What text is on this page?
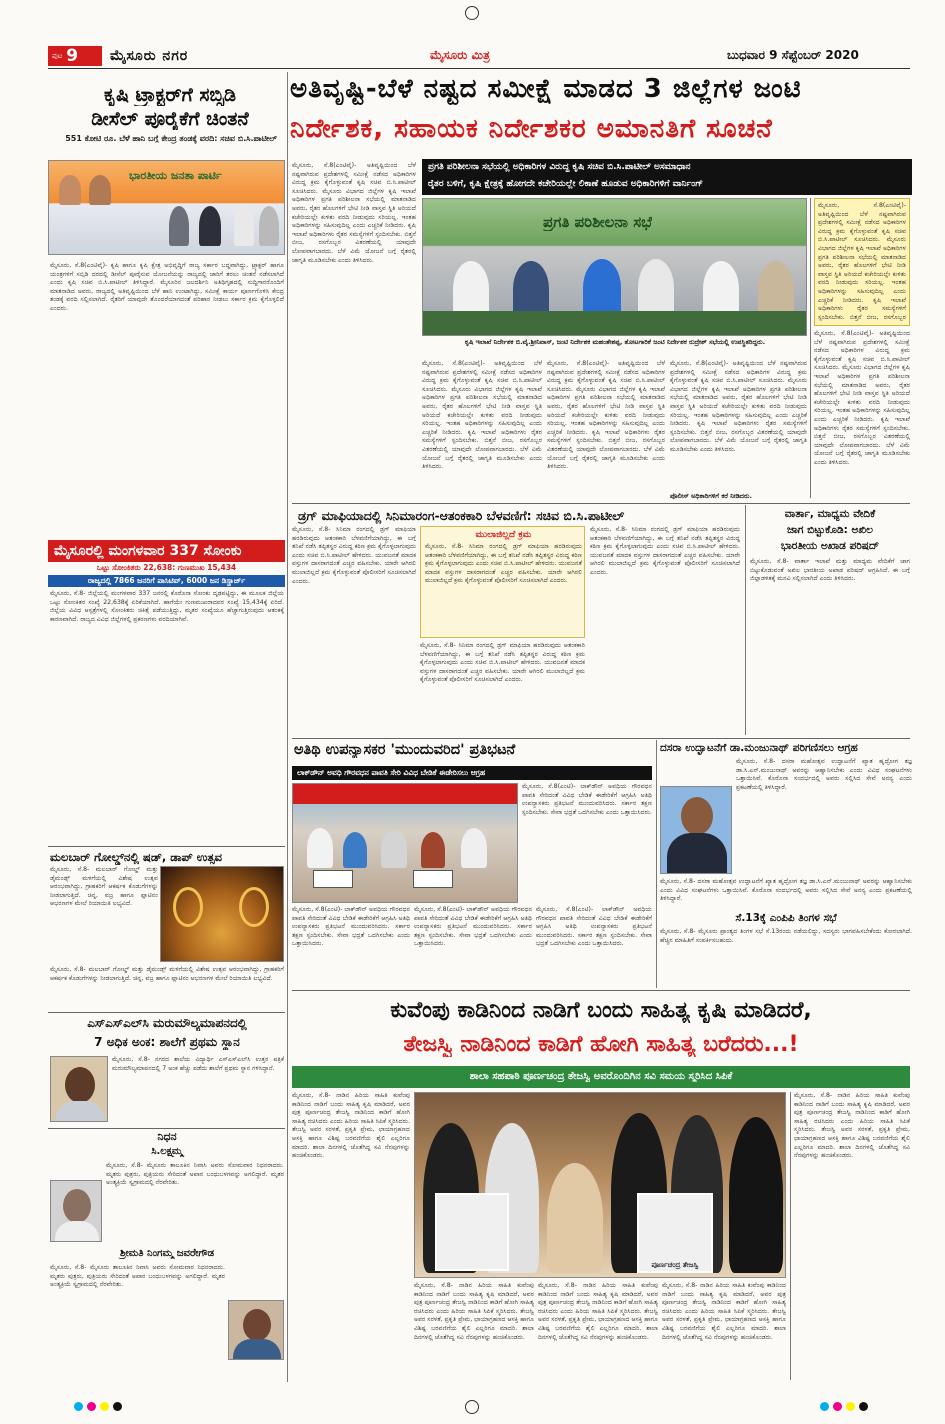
ಪುಟ 9 ಮೈಸೂರು ನಗರ	ಮೈಸೂರು ಮಿತ್ರ	ಬುಧವಾರ 9 ಸೆಪ್ಟೆಂಬರ್ 2020
ಅತಿವೃಷ್ಟಿ-ಬೆಳೆ ನಷ್ಟದ ಸಮೀಕ್ಷೆ ಮಾಡದ 3 ಜಿಲ್ಲೆಗಳ ಜಂಟಿ
ನಿರ್ದೇಶಕ, ಸಹಾಯಕ ನಿರ್ದೇಶಕರ ಅಮಾನತಿಗೆ ಸೂಚನೆ
ಪ್ರಗತಿ ಪರಿಶೀಲನಾ ಸಭೆಯಲ್ಲಿ ಅಧಿಕಾರಿಗಳ ವಿರುದ್ಧ ಕೃಷಿ ಸಚಿವ ಬಿ.ಸಿ.ಪಾಟೀಲ್ ಅಸಮಾಧಾನ
ರೈತರ ಬಳಿಗೆ, ಕೃಷಿ ಕ್ಷೇತ್ರಕ್ಕೆ ಹೋಗದೇ ಕಚೇರಿಯಲ್ಲೇ ಲಿಕಾಣೆ ಹೂಡುವ ಅಧಿಕಾರಿಗಳಿಗೆ ವಾರ್ನಿಂಗ್
ಕೃಷಿ ಟ್ರ್ಯಾಕ್ಟರ್‌ಗೆ ಸಬ್ಸಿಡಿ
ಡೀಸೆಲ್ ಪೂರೈಕೆಗೆ ಚಿಂತನೆ
551 ಕೋಟಿ ರೂ. ಬೆಳೆ ಹಾನಿ ಬಗ್ಗೆ ಕೇಂದ್ರ ತಂಡಕ್ಕೆ ವರದಿ: ಸಚಿವ ಬಿ.ಸಿ.ಪಾಟೀಲ್
ಭಾರತೀಯ ಜನತಾ ಪಾರ್ಟಿ
ಮೈಸೂರು, ಸೆ.8(ಎಂಟಿವೈ)- ಕೃಷಿ ಹಾಗೂ ಕೃಷಿ ಕ್ಷೇತ್ರ ಅಭಿವೃದ್ಧಿಗೆ ರಾಜ್ಯ ಸರ್ಕಾರ ಬದ್ಧವಾಗಿದ್ದು, ಟ್ರ್ಯಾಕ್ಟರ್ ಹಾಗೂ ಯಂತ್ರಗಳಿಗೆ ಸಬ್ಸಿಡಿ ದರದಲ್ಲಿ ಡೀಸೆಲ್ ಪೂರೈಸುವ ಯೋಜನೆಯನ್ನು ರಾಜ್ಯದಲ್ಲಿ ಜಾರಿಗೆ ತರಲು ಚಿಂತನೆ ನಡೆಸಲಾಗಿದೆ ಎಂದು ಕೃಷಿ ಸಚಿವ ಬಿ.ಸಿ.ಪಾಟೀಲ್ ತಿಳಿಸಿದ್ದಾರೆ. ಮೈಸೂರಿನ ಜಲದರ್ಶಿನಿ ಅತಿಥಿಗೃಹದಲ್ಲಿ ಸುದ್ದಿಗಾರರೊಂದಿಗೆ ಮಾತನಾಡಿದ ಅವರು, ರಾಜ್ಯದಲ್ಲಿ ಅತಿವೃಷ್ಟಿಯಿಂದ ಬೆಳೆ ಹಾನಿ ಉಂಟಾಗಿದ್ದು, ಸಮೀಕ್ಷೆ ಕಾರ್ಯ ಪೂರ್ಣಗೊಳಿಸಿ ಕೇಂದ್ರ ತಂಡಕ್ಕೆ ವರದಿ ಸಲ್ಲಿಸಲಾಗಿದೆ. ರೈತರಿಗೆ ಯಾವುದೇ ತೊಂದರೆಯಾಗದಂತೆ ಪರಿಹಾರ ನೀಡಲು ಸರ್ಕಾರ ಕ್ರಮ ಕೈಗೊಳ್ಳಲಿದೆ ಎಂದರು.
ಮೈಸೂರಲ್ಲಿ ಮಂಗಳವಾರ 337 ಸೋಂಕು
ಒಟ್ಟು ಸೋಂಕಿತರು 22,638: ಗುಣಮುಖ 15,434
ರಾಜ್ಯದಲ್ಲಿ 7866 ಜನರಿಗೆ ಪಾಸಿಟಿವ್, 6000 ಜನ ಡಿಸ್ಚಾರ್ಜ್
ಮೈಸೂರು, ಸೆ.8- ಜಿಲ್ಲೆಯಲ್ಲಿ ಮಂಗಳವಾರ 337 ಜನರಲ್ಲಿ ಕೊರೊನಾ ಸೋಂಕು ದೃಢಪಟ್ಟಿದ್ದು, ಈ ಮೂಲಕ ಜಿಲ್ಲೆಯ ಒಟ್ಟು ಸೋಂಕಿತರ ಸಂಖ್ಯೆ 22,638ಕ್ಕೆ ಏರಿಕೆಯಾಗಿದೆ. ಹಾಗೆಯೇ ಗುಣಮುಖರಾದವರ ಸಂಖ್ಯೆ 15,434ಕ್ಕೆ ಏರಿದೆ. ಜಿಲ್ಲೆಯ ವಿವಿಧ ಆಸ್ಪತ್ರೆಗಳಲ್ಲಿ ಸೋಂಕಿತರು ಚಿಕಿತ್ಸೆ ಪಡೆಯುತ್ತಿದ್ದು, ಮೃತರ ಸಂಖ್ಯೆಯೂ ಹೆಚ್ಚಾಗುತ್ತಿರುವುದು ಆತಂಕಕ್ಕೆ ಕಾರಣವಾಗಿದೆ. ರಾಜ್ಯದ ವಿವಿಧ ಜಿಲ್ಲೆಗಳಲ್ಲಿ ಪ್ರಕರಣಗಳು ವರದಿಯಾಗಿವೆ.
ಮಲಬಾರ್ ಗೋಲ್ಡ್‌ನಲ್ಲಿ ಷಡ್, ಡಾಪ್ ಉತ್ಸವ
ಮೈಸೂರು, ಸೆ.8- ಮಲಬಾರ್ ಗೋಲ್ಡ್ ಮತ್ತು ಡೈಮಂಡ್ಸ್ ಮಳಿಗೆಯಲ್ಲಿ ವಿಶೇಷ ಉತ್ಸವ ಆರಂಭವಾಗಿದ್ದು, ಗ್ರಾಹಕರಿಗೆ ಆಕರ್ಷಕ ಕೊಡುಗೆಗಳನ್ನು ನೀಡಲಾಗುತ್ತಿದೆ. ಚಿನ್ನ, ವಜ್ರ ಹಾಗೂ ಪ್ಲಾಟಿನಂ ಆಭರಣಗಳ ಮೇಲೆ ರಿಯಾಯಿತಿ ಲಭ್ಯವಿದೆ.
ಮೈಸೂರು, ಸೆ.8- ಮಲಬಾರ್ ಗೋಲ್ಡ್ ಮತ್ತು ಡೈಮಂಡ್ಸ್ ಮಳಿಗೆಯಲ್ಲಿ ವಿಶೇಷ ಉತ್ಸವ ಆರಂಭವಾಗಿದ್ದು, ಗ್ರಾಹಕರಿಗೆ ಆಕರ್ಷಕ ಕೊಡುಗೆಗಳನ್ನು ನೀಡಲಾಗುತ್ತಿದೆ. ಚಿನ್ನ, ವಜ್ರ ಹಾಗೂ ಪ್ಲಾಟಿನಂ ಆಭರಣಗಳ ಮೇಲೆ ರಿಯಾಯಿತಿ ಲಭ್ಯವಿದೆ.
ಎಸ್‌ಎಸ್‌ಎಲ್‌ಸಿ ಮರುಮೌಲ್ಯಮಾಪನದಲ್ಲಿ
7 ಅಧಿಕ ಅಂಕ: ಶಾಲೆಗೆ ಪ್ರಥಮ ಸ್ಥಾನ
ಮೈಸೂರು, ಸೆ.8- ನಗರದ ಶಾಲೆಯ ವಿದ್ಯಾರ್ಥಿ ಎಸ್‌ಎಸ್‌ಎಲ್‌ಸಿ ಉತ್ತರ ಪತ್ರಿಕೆ ಮರುಮೌಲ್ಯಮಾಪನದಲ್ಲಿ 7 ಅಂಕ ಹೆಚ್ಚು ಪಡೆದು ಶಾಲೆಗೆ ಪ್ರಥಮ ಸ್ಥಾನ ಗಳಿಸಿದ್ದಾನೆ.
ನಿಧನ
ಸಿ.ಲಕ್ಷ್ಮಮ್ಮ
ಮೈಸೂರು, ಸೆ.8- ಮೈಸೂರು ತಾಲೂಕಿನ ನಿವಾಸಿ ಅವರು ಸೋಮವಾರ ನಿಧನರಾದರು. ಮೃತರು ಪುತ್ರರು, ಪುತ್ರಿಯರು ಸೇರಿದಂತೆ ಅಪಾರ ಬಂಧುಬಳಗವನ್ನು ಅಗಲಿದ್ದಾರೆ. ಮೃತರ ಅಂತ್ಯಕ್ರಿಯೆ ಸ್ವಗ್ರಾಮದಲ್ಲಿ ನೆರವೇರಿತು.
ಶ್ರೀಮತಿ ನಿಂಗಮ್ಮ ಜವರೇಗೌಡ
ಮೈಸೂರು, ಸೆ.8- ಮೈಸೂರು ತಾಲೂಕಿನ ನಿವಾಸಿ ಅವರು ಸೋಮವಾರ ನಿಧನರಾದರು. ಮೃತರು ಪುತ್ರರು, ಪುತ್ರಿಯರು ಸೇರಿದಂತೆ ಅಪಾರ ಬಂಧುಬಳಗವನ್ನು ಅಗಲಿದ್ದಾರೆ. ಮೃತರ ಅಂತ್ಯಕ್ರಿಯೆ ಸ್ವಗ್ರಾಮದಲ್ಲಿ ನೆರವೇರಿತು.
ಮೈಸೂರು, ಸೆ.8(ಎಂಟಿವೈ)- ಅತಿವೃಷ್ಟಿಯಿಂದ ಬೆಳೆ ನಷ್ಟವಾಗಿರುವ ಪ್ರದೇಶಗಳಲ್ಲಿ ಸಮೀಕ್ಷೆ ನಡೆಸದ ಅಧಿಕಾರಿಗಳ ವಿರುದ್ಧ ಕ್ರಮ ಕೈಗೊಳ್ಳುವಂತೆ ಕೃಷಿ ಸಚಿವ ಬಿ.ಸಿ.ಪಾಟೀಲ್ ಸೂಚಿಸಿದರು. ಮೈಸೂರು ವಿಭಾಗದ ಜಿಲ್ಲೆಗಳ ಕೃಷಿ ಇಲಾಖೆ ಅಧಿಕಾರಿಗಳ ಪ್ರಗತಿ ಪರಿಶೀಲನಾ ಸಭೆಯಲ್ಲಿ ಮಾತನಾಡಿದ ಅವರು, ರೈತರ ಹೊಲಗಳಿಗೆ ಭೇಟಿ ನೀಡಿ ವಾಸ್ತವ ಸ್ಥಿತಿ ಅರಿಯದೆ ಕಚೇರಿಯಲ್ಲೇ ಕುಳಿತು ವರದಿ ನೀಡುವುದು ಸರಿಯಲ್ಲ. ಇಂತಹ ಅಧಿಕಾರಿಗಳನ್ನು ಸಹಿಸುವುದಿಲ್ಲ ಎಂದು ಎಚ್ಚರಿಕೆ ನೀಡಿದರು. ಕೃಷಿ ಇಲಾಖೆ ಅಧಿಕಾರಿಗಳು ರೈತರ ಸಮಸ್ಯೆಗಳಿಗೆ ಸ್ಪಂದಿಸಬೇಕು. ಬಿತ್ತನೆ ಬೀಜ, ರಸಗೊಬ್ಬರ ವಿತರಣೆಯಲ್ಲಿ ಯಾವುದೇ ಲೋಪವಾಗಬಾರದು. ಬೆಳೆ ವಿಮೆ ಯೋಜನೆ ಬಗ್ಗೆ ರೈತರಲ್ಲಿ ಜಾಗೃತಿ ಮೂಡಿಸಬೇಕು ಎಂದು ತಿಳಿಸಿದರು.
ಪ್ರಗತಿ ಪರಿಶೀಲನಾ ಸಭೆ
ಕೃಷಿ ಇಲಾಖೆ ನಿರ್ದೇಶಕ ಬಿ.ವೈ.ಶ್ರೀನಿವಾಸ್, ಜಂಟಿ ನಿರ್ದೇಶಕ ಮಹಂತೇಶಪ್ಪ, ತೋಟಗಾರಿಕೆ ಜಂಟಿ ನಿರ್ದೇಶಕ ರುದ್ರೇಶ್ ಸಭೆಯಲ್ಲಿ ಉಪಸ್ಥಿತರಿದ್ದರು.
ಮೈಸೂರು, ಸೆ.8(ಎಂಟಿವೈ)- ಅತಿವೃಷ್ಟಿಯಿಂದ ಬೆಳೆ ನಷ್ಟವಾಗಿರುವ ಪ್ರದೇಶಗಳಲ್ಲಿ ಸಮೀಕ್ಷೆ ನಡೆಸದ ಅಧಿಕಾರಿಗಳ ವಿರುದ್ಧ ಕ್ರಮ ಕೈಗೊಳ್ಳುವಂತೆ ಕೃಷಿ ಸಚಿವ ಬಿ.ಸಿ.ಪಾಟೀಲ್ ಸೂಚಿಸಿದರು. ಮೈಸೂರು ವಿಭಾಗದ ಜಿಲ್ಲೆಗಳ ಕೃಷಿ ಇಲಾಖೆ ಅಧಿಕಾರಿಗಳ ಪ್ರಗತಿ ಪರಿಶೀಲನಾ ಸಭೆಯಲ್ಲಿ ಮಾತನಾಡಿದ ಅವರು, ರೈತರ ಹೊಲಗಳಿಗೆ ಭೇಟಿ ನೀಡಿ ವಾಸ್ತವ ಸ್ಥಿತಿ ಅರಿಯದೆ ಕಚೇರಿಯಲ್ಲೇ ಕುಳಿತು ವರದಿ ನೀಡುವುದು ಸರಿಯಲ್ಲ. ಇಂತಹ ಅಧಿಕಾರಿಗಳನ್ನು ಸಹಿಸುವುದಿಲ್ಲ ಎಂದು ಎಚ್ಚರಿಕೆ ನೀಡಿದರು. ಕೃಷಿ ಇಲಾಖೆ ಅಧಿಕಾರಿಗಳು ರೈತರ ಸಮಸ್ಯೆಗಳಿಗೆ ಸ್ಪಂದಿಸಬೇಕು. ಬಿತ್ತನೆ ಬೀಜ, ರಸಗೊಬ್ಬರ ವಿತರಣೆಯಲ್ಲಿ ಯಾವುದೇ ಲೋಪವಾಗಬಾರದು. ಬೆಳೆ ವಿಮೆ ಯೋಜನೆ ಬಗ್ಗೆ ರೈತರಲ್ಲಿ ಜಾಗೃತಿ ಮೂಡಿಸಬೇಕು ಎಂದು ತಿಳಿಸಿದರು.
ಮೈಸೂರು, ಸೆ.8(ಎಂಟಿವೈ)- ಅತಿವೃಷ್ಟಿಯಿಂದ ಬೆಳೆ ನಷ್ಟವಾಗಿರುವ ಪ್ರದೇಶಗಳಲ್ಲಿ ಸಮೀಕ್ಷೆ ನಡೆಸದ ಅಧಿಕಾರಿಗಳ ವಿರುದ್ಧ ಕ್ರಮ ಕೈಗೊಳ್ಳುವಂತೆ ಕೃಷಿ ಸಚಿವ ಬಿ.ಸಿ.ಪಾಟೀಲ್ ಸೂಚಿಸಿದರು. ಮೈಸೂರು ವಿಭಾಗದ ಜಿಲ್ಲೆಗಳ ಕೃಷಿ ಇಲಾಖೆ ಅಧಿಕಾರಿಗಳ ಪ್ರಗತಿ ಪರಿಶೀಲನಾ ಸಭೆಯಲ್ಲಿ ಮಾತನಾಡಿದ ಅವರು, ರೈತರ ಹೊಲಗಳಿಗೆ ಭೇಟಿ ನೀಡಿ ವಾಸ್ತವ ಸ್ಥಿತಿ ಅರಿಯದೆ ಕಚೇರಿಯಲ್ಲೇ ಕುಳಿತು ವರದಿ ನೀಡುವುದು ಸರಿಯಲ್ಲ. ಇಂತಹ ಅಧಿಕಾರಿಗಳನ್ನು ಸಹಿಸುವುದಿಲ್ಲ ಎಂದು ಎಚ್ಚರಿಕೆ ನೀಡಿದರು. ಕೃಷಿ ಇಲಾಖೆ ಅಧಿಕಾರಿಗಳು ರೈತರ ಸಮಸ್ಯೆಗಳಿಗೆ ಸ್ಪಂದಿಸಬೇಕು. ಬಿತ್ತನೆ ಬೀಜ, ರಸಗೊಬ್ಬರ ವಿತರಣೆಯಲ್ಲಿ ಯಾವುದೇ ಲೋಪವಾಗಬಾರದು. ಬೆಳೆ ವಿಮೆ ಯೋಜನೆ ಬಗ್ಗೆ ರೈತರಲ್ಲಿ ಜಾಗೃತಿ ಮೂಡಿಸಬೇಕು ಎಂದು ತಿಳಿಸಿದರು.
ಮೈಸೂರು, ಸೆ.8(ಎಂಟಿವೈ)- ಅತಿವೃಷ್ಟಿಯಿಂದ ಬೆಳೆ ನಷ್ಟವಾಗಿರುವ ಪ್ರದೇಶಗಳಲ್ಲಿ ಸಮೀಕ್ಷೆ ನಡೆಸದ ಅಧಿಕಾರಿಗಳ ವಿರುದ್ಧ ಕ್ರಮ ಕೈಗೊಳ್ಳುವಂತೆ ಕೃಷಿ ಸಚಿವ ಬಿ.ಸಿ.ಪಾಟೀಲ್ ಸೂಚಿಸಿದರು. ಮೈಸೂರು ವಿಭಾಗದ ಜಿಲ್ಲೆಗಳ ಕೃಷಿ ಇಲಾಖೆ ಅಧಿಕಾರಿಗಳ ಪ್ರಗತಿ ಪರಿಶೀಲನಾ ಸಭೆಯಲ್ಲಿ ಮಾತನಾಡಿದ ಅವರು, ರೈತರ ಹೊಲಗಳಿಗೆ ಭೇಟಿ ನೀಡಿ ವಾಸ್ತವ ಸ್ಥಿತಿ ಅರಿಯದೆ ಕಚೇರಿಯಲ್ಲೇ ಕುಳಿತು ವರದಿ ನೀಡುವುದು ಸರಿಯಲ್ಲ. ಇಂತಹ ಅಧಿಕಾರಿಗಳನ್ನು ಸಹಿಸುವುದಿಲ್ಲ ಎಂದು ಎಚ್ಚರಿಕೆ ನೀಡಿದರು. ಕೃಷಿ ಇಲಾಖೆ ಅಧಿಕಾರಿಗಳು ರೈತರ ಸಮಸ್ಯೆಗಳಿಗೆ ಸ್ಪಂದಿಸಬೇಕು. ಬಿತ್ತನೆ ಬೀಜ, ರಸಗೊಬ್ಬರ ವಿತರಣೆಯಲ್ಲಿ ಯಾವುದೇ ಲೋಪವಾಗಬಾರದು. ಬೆಳೆ ವಿಮೆ ಯೋಜನೆ ಬಗ್ಗೆ ರೈತರಲ್ಲಿ ಜಾಗೃತಿ ಮೂಡಿಸಬೇಕು ಎಂದು ತಿಳಿಸಿದರು.
ಪೊಲೀಸ್ ಅಧಿಕಾರಿಗಳಿಗೆ ಕರೆ ನೀಡಿದರು.
ಮೈಸೂರು, ಸೆ.8(ಎಂಟಿವೈ)- ಅತಿವೃಷ್ಟಿಯಿಂದ ಬೆಳೆ ನಷ್ಟವಾಗಿರುವ ಪ್ರದೇಶಗಳಲ್ಲಿ ಸಮೀಕ್ಷೆ ನಡೆಸದ ಅಧಿಕಾರಿಗಳ ವಿರುದ್ಧ ಕ್ರಮ ಕೈಗೊಳ್ಳುವಂತೆ ಕೃಷಿ ಸಚಿವ ಬಿ.ಸಿ.ಪಾಟೀಲ್ ಸೂಚಿಸಿದರು. ಮೈಸೂರು ವಿಭಾಗದ ಜಿಲ್ಲೆಗಳ ಕೃಷಿ ಇಲಾಖೆ ಅಧಿಕಾರಿಗಳ ಪ್ರಗತಿ ಪರಿಶೀಲನಾ ಸಭೆಯಲ್ಲಿ ಮಾತನಾಡಿದ ಅವರು, ರೈತರ ಹೊಲಗಳಿಗೆ ಭೇಟಿ ನೀಡಿ ವಾಸ್ತವ ಸ್ಥಿತಿ ಅರಿಯದೆ ಕಚೇರಿಯಲ್ಲೇ ಕುಳಿತು ವರದಿ ನೀಡುವುದು ಸರಿಯಲ್ಲ. ಇಂತಹ ಅಧಿಕಾರಿಗಳನ್ನು ಸಹಿಸುವುದಿಲ್ಲ ಎಂದು ಎಚ್ಚರಿಕೆ ನೀಡಿದರು. ಕೃಷಿ ಇಲಾಖೆ ಅಧಿಕಾರಿಗಳು ರೈತರ ಸಮಸ್ಯೆಗಳಿಗೆ ಸ್ಪಂದಿಸಬೇಕು. ಬಿತ್ತನೆ ಬೀಜ, ರಸಗೊಬ್ಬರ
ಮೈಸೂರು, ಸೆ.8(ಎಂಟಿವೈ)- ಅತಿವೃಷ್ಟಿಯಿಂದ ಬೆಳೆ ನಷ್ಟವಾಗಿರುವ ಪ್ರದೇಶಗಳಲ್ಲಿ ಸಮೀಕ್ಷೆ ನಡೆಸದ ಅಧಿಕಾರಿಗಳ ವಿರುದ್ಧ ಕ್ರಮ ಕೈಗೊಳ್ಳುವಂತೆ ಕೃಷಿ ಸಚಿವ ಬಿ.ಸಿ.ಪಾಟೀಲ್ ಸೂಚಿಸಿದರು. ಮೈಸೂರು ವಿಭಾಗದ ಜಿಲ್ಲೆಗಳ ಕೃಷಿ ಇಲಾಖೆ ಅಧಿಕಾರಿಗಳ ಪ್ರಗತಿ ಪರಿಶೀಲನಾ ಸಭೆಯಲ್ಲಿ ಮಾತನಾಡಿದ ಅವರು, ರೈತರ ಹೊಲಗಳಿಗೆ ಭೇಟಿ ನೀಡಿ ವಾಸ್ತವ ಸ್ಥಿತಿ ಅರಿಯದೆ ಕಚೇರಿಯಲ್ಲೇ ಕುಳಿತು ವರದಿ ನೀಡುವುದು ಸರಿಯಲ್ಲ. ಇಂತಹ ಅಧಿಕಾರಿಗಳನ್ನು ಸಹಿಸುವುದಿಲ್ಲ ಎಂದು ಎಚ್ಚರಿಕೆ ನೀಡಿದರು. ಕೃಷಿ ಇಲಾಖೆ ಅಧಿಕಾರಿಗಳು ರೈತರ ಸಮಸ್ಯೆಗಳಿಗೆ ಸ್ಪಂದಿಸಬೇಕು. ಬಿತ್ತನೆ ಬೀಜ, ರಸಗೊಬ್ಬರ ವಿತರಣೆಯಲ್ಲಿ ಯಾವುದೇ ಲೋಪವಾಗಬಾರದು. ಬೆಳೆ ವಿಮೆ ಯೋಜನೆ ಬಗ್ಗೆ ರೈತರಲ್ಲಿ ಜಾಗೃತಿ ಮೂಡಿಸಬೇಕು ಎಂದು ತಿಳಿಸಿದರು.
ಡ್ರಗ್ ಮಾಫಿಯಾದಲ್ಲಿ ಸಿನಿಮಾರಂಗ-ಆತಂಕಕಾರಿ ಬೆಳವಣಿಗೆ: ಸಚಿವ ಬಿ.ಸಿ.ಪಾಟೀಲ್
ಮೈಸೂರು, ಸೆ.8- ಸಿನಿಮಾ ರಂಗದಲ್ಲಿ ಡ್ರಗ್ ಮಾಫಿಯಾ ಹರಡಿರುವುದು ಆತಂಕಕಾರಿ ಬೆಳವಣಿಗೆಯಾಗಿದ್ದು, ಈ ಬಗ್ಗೆ ತನಿಖೆ ನಡೆಸಿ ತಪ್ಪಿತಸ್ಥರ ವಿರುದ್ಧ ಕಠಿಣ ಕ್ರಮ ಕೈಗೊಳ್ಳಲಾಗುವುದು ಎಂದು ಸಚಿವ ಬಿ.ಸಿ.ಪಾಟೀಲ್ ಹೇಳಿದರು. ಯುವಜನತೆ ಮಾದಕ ವಸ್ತುಗಳ ದಾಸರಾಗದಂತೆ ಎಚ್ಚರ ವಹಿಸಬೇಕು. ಯಾರೇ ಆಗಿರಲಿ ಮುಲಾಜಿಲ್ಲದೆ ಕ್ರಮ ಕೈಗೊಳ್ಳುವಂತೆ ಪೊಲೀಸರಿಗೆ ಸೂಚಿಸಲಾಗಿದೆ ಎಂದರು.
ಮುಲಾಜಿಲ್ಲದೆ ಕ್ರಮ
ಮೈಸೂರು, ಸೆ.8- ಸಿನಿಮಾ ರಂಗದಲ್ಲಿ ಡ್ರಗ್ ಮಾಫಿಯಾ ಹರಡಿರುವುದು ಆತಂಕಕಾರಿ ಬೆಳವಣಿಗೆಯಾಗಿದ್ದು, ಈ ಬಗ್ಗೆ ತನಿಖೆ ನಡೆಸಿ ತಪ್ಪಿತಸ್ಥರ ವಿರುದ್ಧ ಕಠಿಣ ಕ್ರಮ ಕೈಗೊಳ್ಳಲಾಗುವುದು ಎಂದು ಸಚಿವ ಬಿ.ಸಿ.ಪಾಟೀಲ್ ಹೇಳಿದರು. ಯುವಜನತೆ ಮಾದಕ ವಸ್ತುಗಳ ದಾಸರಾಗದಂತೆ ಎಚ್ಚರ ವಹಿಸಬೇಕು. ಯಾರೇ ಆಗಿರಲಿ ಮುಲಾಜಿಲ್ಲದೆ ಕ್ರಮ ಕೈಗೊಳ್ಳುವಂತೆ ಪೊಲೀಸರಿಗೆ ಸೂಚಿಸಲಾಗಿದೆ ಎಂದರು.
ಮೈಸೂರು, ಸೆ.8- ಸಿನಿಮಾ ರಂಗದಲ್ಲಿ ಡ್ರಗ್ ಮಾಫಿಯಾ ಹರಡಿರುವುದು ಆತಂಕಕಾರಿ ಬೆಳವಣಿಗೆಯಾಗಿದ್ದು, ಈ ಬಗ್ಗೆ ತನಿಖೆ ನಡೆಸಿ ತಪ್ಪಿತಸ್ಥರ ವಿರುದ್ಧ ಕಠಿಣ ಕ್ರಮ ಕೈಗೊಳ್ಳಲಾಗುವುದು ಎಂದು ಸಚಿವ ಬಿ.ಸಿ.ಪಾಟೀಲ್ ಹೇಳಿದರು. ಯುವಜನತೆ ಮಾದಕ ವಸ್ತುಗಳ ದಾಸರಾಗದಂತೆ ಎಚ್ಚರ ವಹಿಸಬೇಕು. ಯಾರೇ ಆಗಿರಲಿ ಮುಲಾಜಿಲ್ಲದೆ ಕ್ರಮ ಕೈಗೊಳ್ಳುವಂತೆ ಪೊಲೀಸರಿಗೆ ಸೂಚಿಸಲಾಗಿದೆ ಎಂದರು.
ಮೈಸೂರು, ಸೆ.8- ಸಿನಿಮಾ ರಂಗದಲ್ಲಿ ಡ್ರಗ್ ಮಾಫಿಯಾ ಹರಡಿರುವುದು ಆತಂಕಕಾರಿ ಬೆಳವಣಿಗೆಯಾಗಿದ್ದು, ಈ ಬಗ್ಗೆ ತನಿಖೆ ನಡೆಸಿ ತಪ್ಪಿತಸ್ಥರ ವಿರುದ್ಧ ಕಠಿಣ ಕ್ರಮ ಕೈಗೊಳ್ಳಲಾಗುವುದು ಎಂದು ಸಚಿವ ಬಿ.ಸಿ.ಪಾಟೀಲ್ ಹೇಳಿದರು. ಯುವಜನತೆ ಮಾದಕ ವಸ್ತುಗಳ ದಾಸರಾಗದಂತೆ ಎಚ್ಚರ ವಹಿಸಬೇಕು. ಯಾರೇ ಆಗಿರಲಿ ಮುಲಾಜಿಲ್ಲದೆ ಕ್ರಮ ಕೈಗೊಳ್ಳುವಂತೆ ಪೊಲೀಸರಿಗೆ ಸೂಚಿಸಲಾಗಿದೆ ಎಂದರು.
ವಾರ್ತಾ, ಮಾಧ್ಯಮ ವೇದಿಕೆ
ಜಾಗ ಬಿಟ್ಟುಕೊಡಿ: ಅಖಿಲ
ಭಾರತೀಯ ಅಖಾಡ ಪರಿಷದ್
ಮೈಸೂರು, ಸೆ.8- ವಾರ್ತಾ ಇಲಾಖೆ ಮತ್ತು ಮಾಧ್ಯಮ ವೇದಿಕೆಗೆ ಜಾಗ ಬಿಟ್ಟುಕೊಡುವಂತೆ ಅಖಿಲ ಭಾರತೀಯ ಅಖಾಡ ಪರಿಷದ್ ಆಗ್ರಹಿಸಿದೆ. ಈ ಬಗ್ಗೆ ಜಿಲ್ಲಾಡಳಿತಕ್ಕೆ ಮನವಿ ಸಲ್ಲಿಸಲಾಗಿದೆ ಎಂದು ತಿಳಿಸಿದರು.
ಅತಿಥಿ ಉಪನ್ಯಾಸಕರ 'ಮುಂದುವರಿದ' ಪ್ರತಿಭಟನೆ
ಲಾಕ್‌ಡೌನ್ ಅವಧಿ ಗೌರವಧನ ಪಾವತಿ ಸೇರಿ ವಿವಿಧ ಬೇಡಿಕೆ ಈಡೇರಿಸಲು ಆಗ್ರಹ
ಮೈಸೂರು, ಸೆ.8(ಎಂಟಿ)- ಲಾಕ್‌ಡೌನ್ ಅವಧಿಯ ಗೌರವಧನ ಪಾವತಿ ಸೇರಿದಂತೆ ವಿವಿಧ ಬೇಡಿಕೆ ಈಡೇರಿಕೆಗೆ ಆಗ್ರಹಿಸಿ ಅತಿಥಿ ಉಪನ್ಯಾಸಕರು ಪ್ರತಿಭಟನೆ ಮುಂದುವರಿಸಿದರು. ಸರ್ಕಾರ ತಕ್ಷಣ ಸ್ಪಂದಿಸಬೇಕು. ಸೇವಾ ಭದ್ರತೆ ಒದಗಿಸಬೇಕು ಎಂದು ಒತ್ತಾಯಿಸಿದರು.
ಮೈಸೂರು, ಸೆ.8(ಎಂಟಿ)- ಲಾಕ್‌ಡೌನ್ ಅವಧಿಯ ಗೌರವಧನ ಪಾವತಿ ಸೇರಿದಂತೆ ವಿವಿಧ ಬೇಡಿಕೆ ಈಡೇರಿಕೆಗೆ ಆಗ್ರಹಿಸಿ ಅತಿಥಿ ಉಪನ್ಯಾಸಕರು ಪ್ರತಿಭಟನೆ ಮುಂದುವರಿಸಿದರು. ಸರ್ಕಾರ ತಕ್ಷಣ ಸ್ಪಂದಿಸಬೇಕು. ಸೇವಾ ಭದ್ರತೆ ಒದಗಿಸಬೇಕು ಎಂದು ಒತ್ತಾಯಿಸಿದರು.
ಮೈಸೂರು, ಸೆ.8(ಎಂಟಿ)- ಲಾಕ್‌ಡೌನ್ ಅವಧಿಯ ಗೌರವಧನ ಪಾವತಿ ಸೇರಿದಂತೆ ವಿವಿಧ ಬೇಡಿಕೆ ಈಡೇರಿಕೆಗೆ ಆಗ್ರಹಿಸಿ ಅತಿಥಿ ಉಪನ್ಯಾಸಕರು ಪ್ರತಿಭಟನೆ ಮುಂದುವರಿಸಿದರು. ಸರ್ಕಾರ ತಕ್ಷಣ ಸ್ಪಂದಿಸಬೇಕು. ಸೇವಾ ಭದ್ರತೆ ಒದಗಿಸಬೇಕು ಎಂದು ಒತ್ತಾಯಿಸಿದರು.
ಮೈಸೂರು, ಸೆ.8(ಎಂಟಿ)- ಲಾಕ್‌ಡೌನ್ ಅವಧಿಯ ಗೌರವಧನ ಪಾವತಿ ಸೇರಿದಂತೆ ವಿವಿಧ ಬೇಡಿಕೆ ಈಡೇರಿಕೆಗೆ ಆಗ್ರಹಿಸಿ ಅತಿಥಿ ಉಪನ್ಯಾಸಕರು ಪ್ರತಿಭಟನೆ ಮುಂದುವರಿಸಿದರು. ಸರ್ಕಾರ ತಕ್ಷಣ ಸ್ಪಂದಿಸಬೇಕು. ಸೇವಾ ಭದ್ರತೆ ಒದಗಿಸಬೇಕು ಎಂದು ಒತ್ತಾಯಿಸಿದರು.
ದಸರಾ ಉದ್ಘಾಟನೆಗೆ ಡಾ.ಮಂಜುನಾಥ್ ಪರಿಗಣಿಸಲು ಆಗ್ರಹ
ಮೈಸೂರು, ಸೆ.8- ದಸರಾ ಮಹೋತ್ಸವ ಉದ್ಘಾಟನೆಗೆ ಖ್ಯಾತ ಹೃದ್ರೋಗ ತಜ್ಞ ಡಾ.ಸಿ.ಎನ್.ಮಂಜುನಾಥ್ ಅವರನ್ನು ಆಹ್ವಾನಿಸಬೇಕು ಎಂದು ವಿವಿಧ ಸಂಘಟನೆಗಳು ಒತ್ತಾಯಿಸಿವೆ. ಕೊರೊನಾ ಸಂದರ್ಭದಲ್ಲಿ ಅವರು ಸಲ್ಲಿಸಿದ ಸೇವೆ ಅನನ್ಯ ಎಂದು ಪ್ರಕಟಣೆಯಲ್ಲಿ ತಿಳಿಸಿದ್ದಾರೆ.
ಮೈಸೂರು, ಸೆ.8- ದಸರಾ ಮಹೋತ್ಸವ ಉದ್ಘಾಟನೆಗೆ ಖ್ಯಾತ ಹೃದ್ರೋಗ ತಜ್ಞ ಡಾ.ಸಿ.ಎನ್.ಮಂಜುನಾಥ್ ಅವರನ್ನು ಆಹ್ವಾನಿಸಬೇಕು ಎಂದು ವಿವಿಧ ಸಂಘಟನೆಗಳು ಒತ್ತಾಯಿಸಿವೆ. ಕೊರೊನಾ ಸಂದರ್ಭದಲ್ಲಿ ಅವರು ಸಲ್ಲಿಸಿದ ಸೇವೆ ಅನನ್ಯ ಎಂದು ಪ್ರಕಟಣೆಯಲ್ಲಿ ತಿಳಿಸಿದ್ದಾರೆ.
ಸೆ.13ಕ್ಕೆ ಎಂಪಿಪಿ ತಿಂಗಳ ಸಭೆ
ಮೈಸೂರು, ಸೆ.8- ಮೈಸೂರು ಪ್ರಾಂತ್ಯದ ತಿಂಗಳ ಸಭೆ ಸೆ.13ರಂದು ನಡೆಯಲಿದ್ದು, ಸದಸ್ಯರು ಭಾಗವಹಿಸಬೇಕೆಂದು ಕೋರಲಾಗಿದೆ. ಹೆಚ್ಚಿನ ಮಾಹಿತಿಗೆ ಸಂಪರ್ಕಿಸಬಹುದು.
ಕುವೆಂಪು ಕಾಡಿನಿಂದ ನಾಡಿಗೆ ಬಂದು ಸಾಹಿತ್ಯ ಕೃಷಿ ಮಾಡಿದರೆ,
ತೇಜಸ್ವಿ ನಾಡಿನಿಂದ ಕಾಡಿಗೆ ಹೋಗಿ ಸಾಹಿತ್ಯ ಬರೆದರು...!
ಶಾಲಾ ಸಹಪಾಠಿ ಪೂರ್ಣಚಂದ್ರ ತೇಜಸ್ವಿ ಅವರೊಂದಿಗಿನ ಸವಿ ಸಮಯ ಸ್ಮರಿಸಿದ ಸಿಪಿಕೆ
ಮೈಸೂರು, ಸೆ.8- ನಾಡಿನ ಹಿರಿಯ ಸಾಹಿತಿ ಕುವೆಂಪು ಕಾಡಿನಿಂದ ನಾಡಿಗೆ ಬಂದು ಸಾಹಿತ್ಯ ಕೃಷಿ ಮಾಡಿದರೆ, ಅವರ ಪುತ್ರ ಪೂರ್ಣಚಂದ್ರ ತೇಜಸ್ವಿ ನಾಡಿನಿಂದ ಕಾಡಿಗೆ ಹೋಗಿ ಸಾಹಿತ್ಯ ರಚಿಸಿದರು ಎಂದು ಹಿರಿಯ ಸಾಹಿತಿ ಸಿಪಿಕೆ ಸ್ಮರಿಸಿದರು. ತೇಜಸ್ವಿ ಅವರ ಸರಳತೆ, ಪ್ರಕೃತಿ ಪ್ರೇಮ, ಛಾಯಾಗ್ರಹಣದ ಆಸಕ್ತಿ ಹಾಗೂ ವಿಶಿಷ್ಟ ಬರವಣಿಗೆಯ ಶೈಲಿ ಎಲ್ಲರಿಗೂ ಮಾದರಿ. ಶಾಲಾ ದಿನಗಳಲ್ಲಿ ಜೊತೆಗಿದ್ದ ಸವಿ ನೆನಪುಗಳನ್ನು ಹಂಚಿಕೊಂಡರು.
ಪೂರ್ಣಚಂದ್ರ ತೇಜಸ್ವಿ
ಮೈಸೂರು, ಸೆ.8- ನಾಡಿನ ಹಿರಿಯ ಸಾಹಿತಿ ಕುವೆಂಪು ಕಾಡಿನಿಂದ ನಾಡಿಗೆ ಬಂದು ಸಾಹಿತ್ಯ ಕೃಷಿ ಮಾಡಿದರೆ, ಅವರ ಪುತ್ರ ಪೂರ್ಣಚಂದ್ರ ತೇಜಸ್ವಿ ನಾಡಿನಿಂದ ಕಾಡಿಗೆ ಹೋಗಿ ಸಾಹಿತ್ಯ ರಚಿಸಿದರು ಎಂದು ಹಿರಿಯ ಸಾಹಿತಿ ಸಿಪಿಕೆ ಸ್ಮರಿಸಿದರು. ತೇಜಸ್ವಿ ಅವರ ಸರಳತೆ, ಪ್ರಕೃತಿ ಪ್ರೇಮ, ಛಾಯಾಗ್ರಹಣದ ಆಸಕ್ತಿ ಹಾಗೂ ವಿಶಿಷ್ಟ ಬರವಣಿಗೆಯ ಶೈಲಿ ಎಲ್ಲರಿಗೂ ಮಾದರಿ. ಶಾಲಾ ದಿನಗಳಲ್ಲಿ ಜೊತೆಗಿದ್ದ ಸವಿ ನೆನಪುಗಳನ್ನು ಹಂಚಿಕೊಂಡರು.
ಮೈಸೂರು, ಸೆ.8- ನಾಡಿನ ಹಿರಿಯ ಸಾಹಿತಿ ಕುವೆಂಪು ಕಾಡಿನಿಂದ ನಾಡಿಗೆ ಬಂದು ಸಾಹಿತ್ಯ ಕೃಷಿ ಮಾಡಿದರೆ, ಅವರ ಪುತ್ರ ಪೂರ್ಣಚಂದ್ರ ತೇಜಸ್ವಿ ನಾಡಿನಿಂದ ಕಾಡಿಗೆ ಹೋಗಿ ಸಾಹಿತ್ಯ ರಚಿಸಿದರು ಎಂದು ಹಿರಿಯ ಸಾಹಿತಿ ಸಿಪಿಕೆ ಸ್ಮರಿಸಿದರು. ತೇಜಸ್ವಿ ಅವರ ಸರಳತೆ, ಪ್ರಕೃತಿ ಪ್ರೇಮ, ಛಾಯಾಗ್ರಹಣದ ಆಸಕ್ತಿ ಹಾಗೂ ವಿಶಿಷ್ಟ ಬರವಣಿಗೆಯ ಶೈಲಿ ಎಲ್ಲರಿಗೂ ಮಾದರಿ. ಶಾಲಾ ದಿನಗಳಲ್ಲಿ ಜೊತೆಗಿದ್ದ ಸವಿ ನೆನಪುಗಳನ್ನು ಹಂಚಿಕೊಂಡರು.
ಮೈಸೂರು, ಸೆ.8- ನಾಡಿನ ಹಿರಿಯ ಸಾಹಿತಿ ಕುವೆಂಪು ಕಾಡಿನಿಂದ ನಾಡಿಗೆ ಬಂದು ಸಾಹಿತ್ಯ ಕೃಷಿ ಮಾಡಿದರೆ, ಅವರ ಪುತ್ರ ಪೂರ್ಣಚಂದ್ರ ತೇಜಸ್ವಿ ನಾಡಿನಿಂದ ಕಾಡಿಗೆ ಹೋಗಿ ಸಾಹಿತ್ಯ ರಚಿಸಿದರು ಎಂದು ಹಿರಿಯ ಸಾಹಿತಿ ಸಿಪಿಕೆ ಸ್ಮರಿಸಿದರು. ತೇಜಸ್ವಿ ಅವರ ಸರಳತೆ, ಪ್ರಕೃತಿ ಪ್ರೇಮ, ಛಾಯಾಗ್ರಹಣದ ಆಸಕ್ತಿ ಹಾಗೂ ವಿಶಿಷ್ಟ ಬರವಣಿಗೆಯ ಶೈಲಿ ಎಲ್ಲರಿಗೂ ಮಾದರಿ. ಶಾಲಾ ದಿನಗಳಲ್ಲಿ ಜೊತೆಗಿದ್ದ ಸವಿ ನೆನಪುಗಳನ್ನು ಹಂಚಿಕೊಂಡರು.
ಮೈಸೂರು, ಸೆ.8- ನಾಡಿನ ಹಿರಿಯ ಸಾಹಿತಿ ಕುವೆಂಪು ಕಾಡಿನಿಂದ ನಾಡಿಗೆ ಬಂದು ಸಾಹಿತ್ಯ ಕೃಷಿ ಮಾಡಿದರೆ, ಅವರ ಪುತ್ರ ಪೂರ್ಣಚಂದ್ರ ತೇಜಸ್ವಿ ನಾಡಿನಿಂದ ಕಾಡಿಗೆ ಹೋಗಿ ಸಾಹಿತ್ಯ ರಚಿಸಿದರು ಎಂದು ಹಿರಿಯ ಸಾಹಿತಿ ಸಿಪಿಕೆ ಸ್ಮರಿಸಿದರು. ತೇಜಸ್ವಿ ಅವರ ಸರಳತೆ, ಪ್ರಕೃತಿ ಪ್ರೇಮ, ಛಾಯಾಗ್ರಹಣದ ಆಸಕ್ತಿ ಹಾಗೂ ವಿಶಿಷ್ಟ ಬರವಣಿಗೆಯ ಶೈಲಿ ಎಲ್ಲರಿಗೂ ಮಾದರಿ. ಶಾಲಾ ದಿನಗಳಲ್ಲಿ ಜೊತೆಗಿದ್ದ ಸವಿ ನೆನಪುಗಳನ್ನು ಹಂಚಿಕೊಂಡರು.
